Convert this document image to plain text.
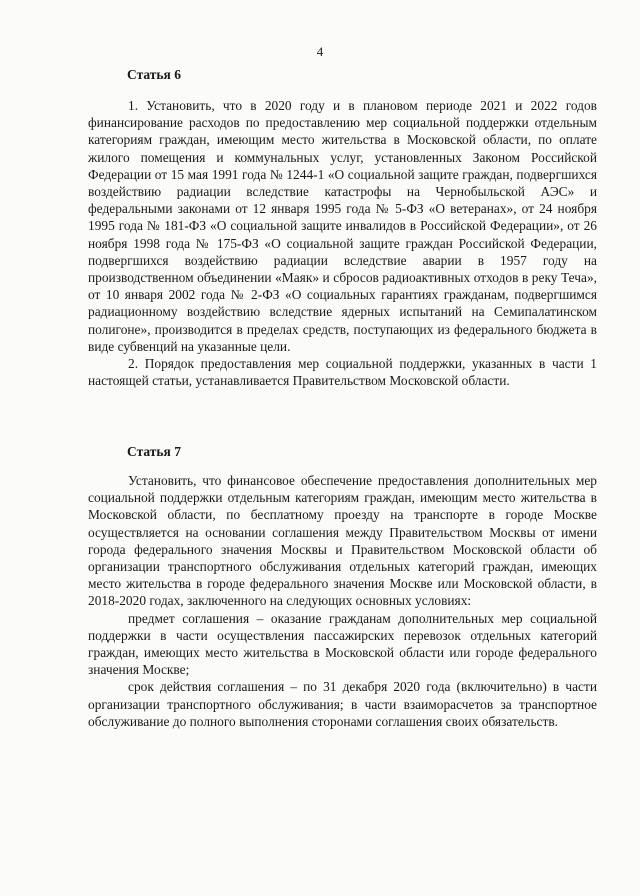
4
Статья 6

1. Установить, что в 2020 году и в плановом периоде 2021 и 2022 годов финансирование расходов по предоставлению мер социальной поддержки отдельным категориям граждан, имеющим место жительства в Московской области, по оплате жилого помещения и коммунальных услуг, установленных Законом Российской Федерации от 15 мая 1991 года № 1244-1 «О социальной защите граждан, подвергшихся воздействию радиации вследствие катастрофы на Чернобыльской АЭС» и федеральными законами от 12 января 1995 года № 5-ФЗ «О ветеранах», от 24 ноября 1995 года № 181-ФЗ «О социальной защите инвалидов в Российской Федерации», от 26 ноября 1998 года № 175-ФЗ «О социальной защите граждан Российской Федерации, подвергшихся воздействию радиации вследствие аварии в 1957 году на производственном объединении «Маяк» и сбросов радиоактивных отходов в реку Теча», от 10 января 2002 года № 2-ФЗ «О социальных гарантиях гражданам, подвергшимся радиационному воздействию вследствие ядерных испытаний на Семипалатинском полигоне», производится в пределах средств, поступающих из федерального бюджета в виде субвенций на указанные цели.

2. Порядок предоставления мер социальной поддержки, указанных в части 1 настоящей статьи, устанавливается Правительством Московской области.

Статья 7

Установить, что финансовое обеспечение предоставления дополнительных мер социальной поддержки отдельным категориям граждан, имеющим место жительства в Московской области, по бесплатному проезду на транспорте в городе Москве осуществляется на основании соглашения между Правительством Москвы от имени города федерального значения Москвы и Правительством Московской области об организации транспортного обслуживания отдельных категорий граждан, имеющих место жительства в городе федерального значения Москве или Московской области, в 2018-2020 годах, заключенного на следующих основных условиях:

предмет соглашения – оказание гражданам дополнительных мер социальной поддержки в части осуществления пассажирских перевозок отдельных категорий граждан, имеющих место жительства в Московской области или городе федерального значения Москве;

срок действия соглашения – по 31 декабря 2020 года (включительно) в части организации транспортного обслуживания; в части взаиморасчетов за транспортное обслуживание до полного выполнения сторонами соглашения своих обязательств.
